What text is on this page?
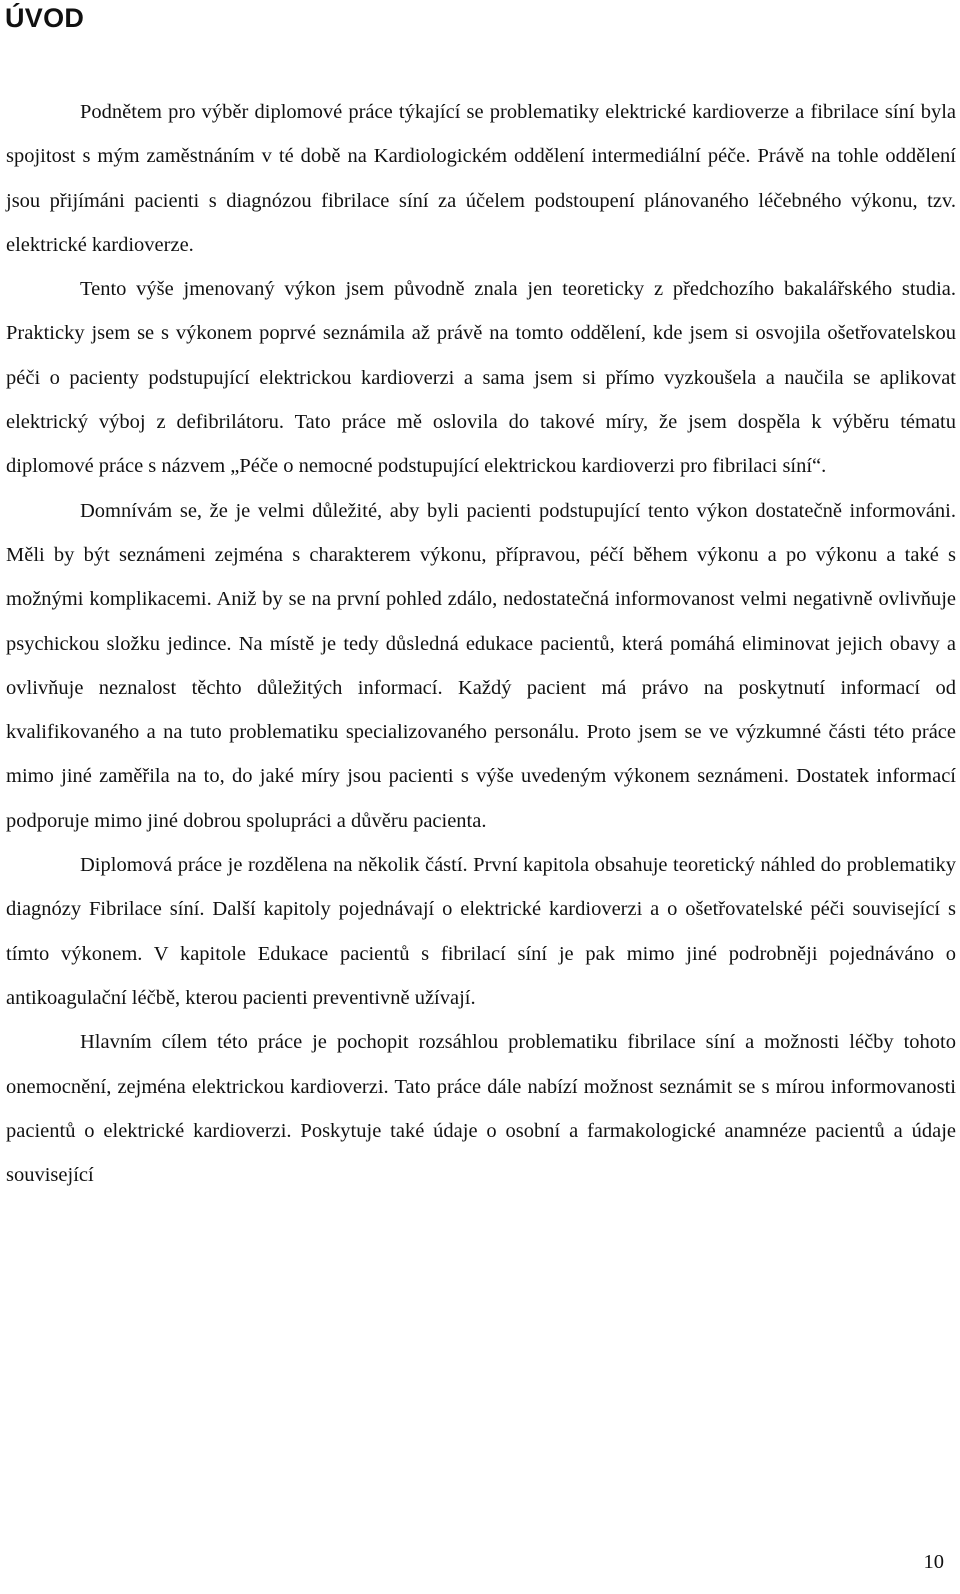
ÚVOD

Podnětem pro výběr diplomové práce týkající se problematiky elektrické kardioverze a fibrilace síní byla spojitost s mým zaměstnáním v té době na Kardiologickém oddělení intermediální péče. Právě na tohle oddělení jsou přijímáni pacienti s diagnózou fibrilace síní za účelem podstoupení plánovaného léčebného výkonu, tzv. elektrické kardioverze.

Tento výše jmenovaný výkon jsem původně znala jen teoreticky z předchozího bakalářského studia. Prakticky jsem se s výkonem poprvé seznámila až právě na tomto oddělení, kde jsem si osvojila ošetřovatelskou péči o pacienty podstupující elektrickou kardioverzi a sama jsem si přímo vyzkoušela a naučila se aplikovat elektrický výboj z defibrilátoru. Tato práce mě oslovila do takové míry, že jsem dospěla k výběru tématu diplomové práce s názvem „Péče o nemocné podstupující elektrickou kardioverzi pro fibrilaci síní“.

Domnívám se, že je velmi důležité, aby byli pacienti podstupující tento výkon dostatečně informováni. Měli by být seznámeni zejména s charakterem výkonu, přípravou, péčí během výkonu a po výkonu a také s možnými komplikacemi. Aniž by se na první pohled zdálo, nedostatečná informovanost velmi negativně ovlivňuje psychickou složku jedince. Na místě je tedy důsledná edukace pacientů, která pomáhá eliminovat jejich obavy a ovlivňuje neznalost těchto důležitých informací. Každý pacient má právo na poskytnutí informací od kvalifikovaného a na tuto problematiku specializovaného personálu. Proto jsem se ve výzkumné části této práce mimo jiné zaměřila na to, do jaké míry jsou pacienti s výše uvedeným výkonem seznámeni. Dostatek informací podporuje mimo jiné dobrou spolupráci a důvěru pacienta.

Diplomová práce je rozdělena na několik částí. První kapitola obsahuje teoretický náhled do problematiky diagnózy Fibrilace síní. Další kapitoly pojednávají o elektrické kardioverzi a o ošetřovatelské péči související s tímto výkonem. V kapitole Edukace pacientů s fibrilací síní je pak mimo jiné podrobněji pojednáváno o antikoagulační léčbě, kterou pacienti preventivně užívají.

Hlavním cílem této práce je pochopit rozsáhlou problematiku fibrilace síní a možnosti léčby tohoto onemocnění, zejména elektrickou kardioverzi. Tato práce dále nabízí možnost seznámit se s mírou informovanosti pacientů o elektrické kardioverzi. Poskytuje také údaje o osobní a farmakologické anamnéze pacientů a údaje související

10
